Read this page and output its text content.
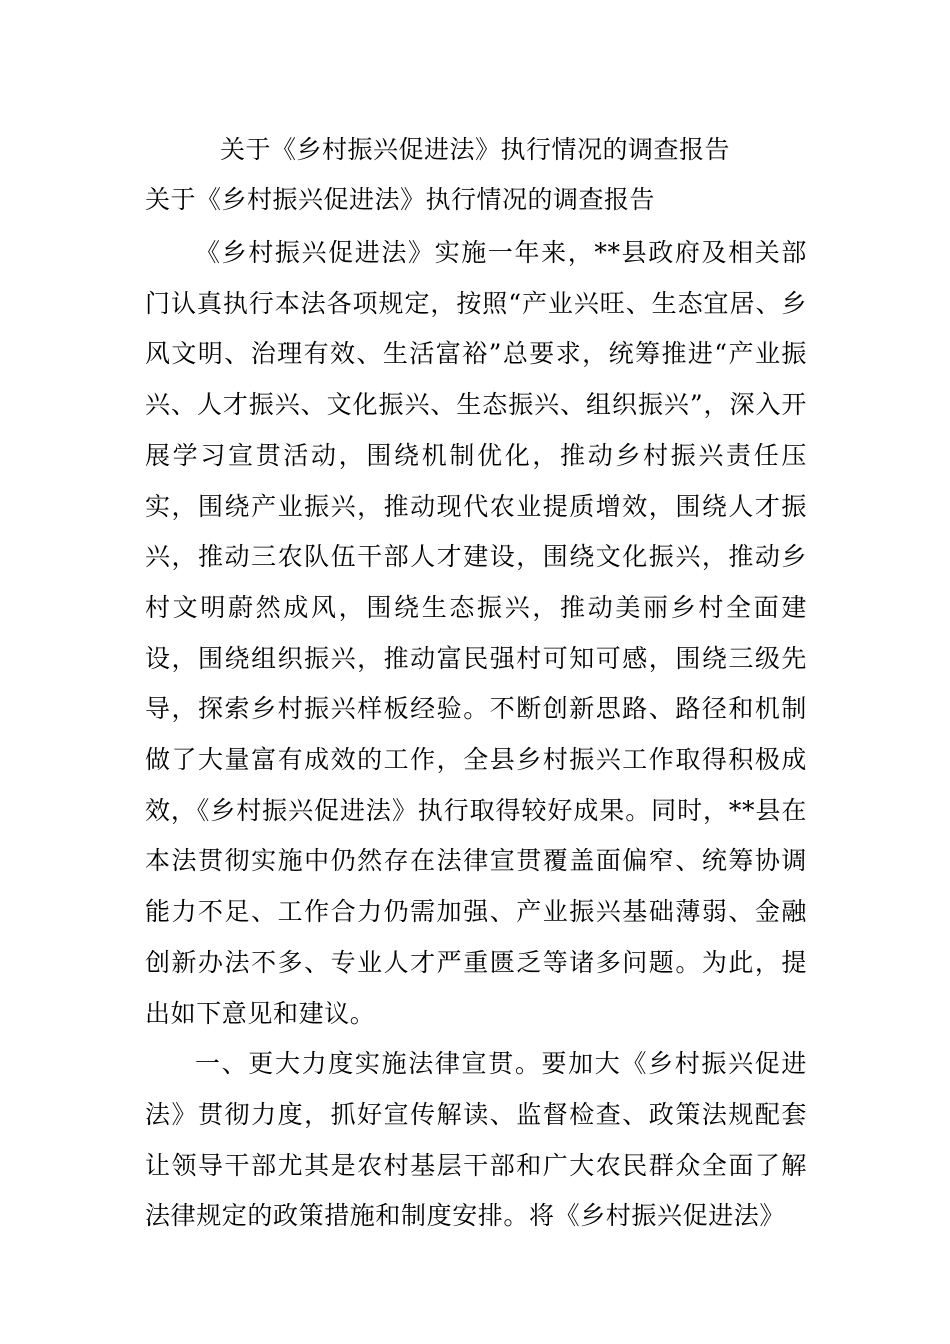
关于《乡村振兴促进法》执行情况的调查报告
关于《乡村振兴促进法》执行情况的调查报告

《乡村振兴促进法》实施一年来，**县政府及相关部门认真执行本法各项规定，按照“产业兴旺、生态宜居、乡风文明、治理有效、生活富裕”总要求，统筹推进“产业振兴、人才振兴、文化振兴、生态振兴、组织振兴”，深入开展学习宣贯活动，围绕机制优化，推动乡村振兴责任压实，围绕产业振兴，推动现代农业提质增效，围绕人才振兴，推动三农队伍干部人才建设，围绕文化振兴，推动乡村文明蔚然成风，围绕生态振兴，推动美丽乡村全面建设，围绕组织振兴，推动富民强村可知可感，围绕三级先导，探索乡村振兴样板经验。不断创新思路、路径和机制做了大量富有成效的工作，全县乡村振兴工作取得积极成效，《乡村振兴促进法》执行取得较好成果。同时，**县在本法贯彻实施中仍然存在法律宣贯覆盖面偏窄、统筹协调能力不足、工作合力仍需加强、产业振兴基础薄弱、金融创新办法不多、专业人才严重匮乏等诸多问题。为此，提出如下意见和建议。

一、更大力度实施法律宣贯。要加大《乡村振兴促进法》贯彻力度，抓好宣传解读、监督检查、政策法规配套让领导干部尤其是农村基层干部和广大农民群众全面了解法律规定的政策措施和制度安排。将《乡村振兴促进法》
